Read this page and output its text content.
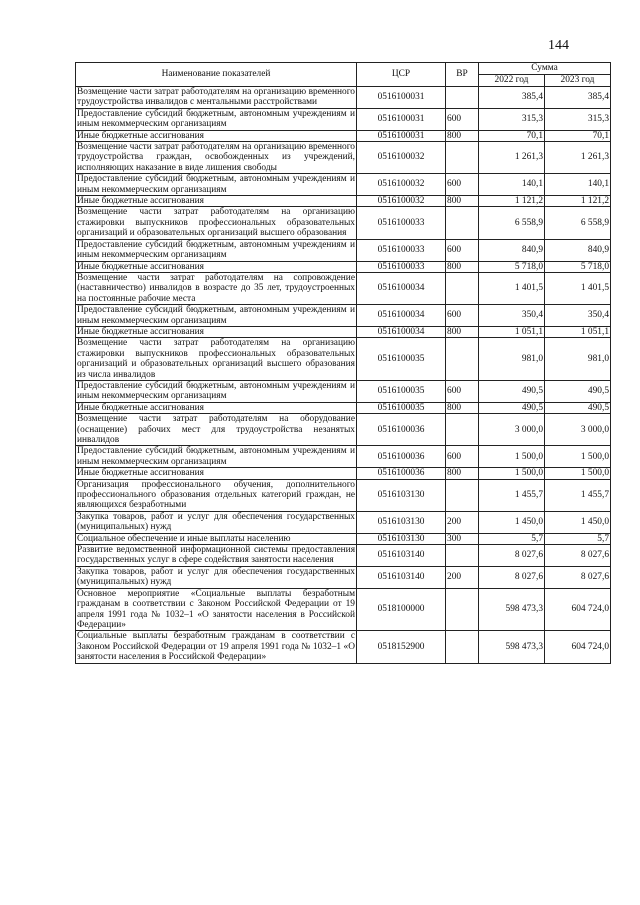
144
Наименование показателей	ЦСР	ВР	Сумма	
			2022 год	2023 год
Возмещение части затрат работодателям на организацию временного трудоустройства инвалидов с ментальными расстройствами	0516100031		385,4	385,4
Предоставление субсидий бюджетным, автономным учреждениям и иным некоммерческим организациям	0516100031	600	315,3	315,3
Иные бюджетные ассигнования	0516100031	800	70,1	70,1
Возмещение части затрат работодателям на организацию временного трудоустройства граждан, освобожденных из учреждений, исполняющих наказание в виде лишения свободы	0516100032		1 261,3	1 261,3
Предоставление субсидий бюджетным, автономным учреждениям и иным некоммерческим организациям	0516100032	600	140,1	140,1
Иные бюджетные ассигнования	0516100032	800	1 121,2	1 121,2
Возмещение части затрат работодателям на организацию стажировки выпускников профессиональных образовательных организаций и образовательных организаций высшего образования	0516100033		6 558,9	6 558,9
Предоставление субсидий бюджетным, автономным учреждениям и иным некоммерческим организациям	0516100033	600	840,9	840,9
Иные бюджетные ассигнования	0516100033	800	5 718,0	5 718,0
Возмещение части затрат работодателям на сопровождение (наставничество) инвалидов в возрасте до 35 лет, трудоустроенных на постоянные рабочие места	0516100034		1 401,5	1 401,5
Предоставление субсидий бюджетным, автономным учреждениям и иным некоммерческим организациям	0516100034	600	350,4	350,4
Иные бюджетные ассигнования	0516100034	800	1 051,1	1 051,1
Возмещение части затрат работодателям на организацию стажировки выпускников профессиональных образовательных организаций и образовательных организаций высшего образования из числа инвалидов	0516100035		981,0	981,0
Предоставление субсидий бюджетным, автономным учреждениям и иным некоммерческим организациям	0516100035	600	490,5	490,5
Иные бюджетные ассигнования	0516100035	800	490,5	490,5
Возмещение части затрат работодателям на оборудование (оснащение) рабочих мест для трудоустройства незанятых инвалидов	0516100036		3 000,0	3 000,0
Предоставление субсидий бюджетным, автономным учреждениям и иным некоммерческим организациям	0516100036	600	1 500,0	1 500,0
Иные бюджетные ассигнования	0516100036	800	1 500,0	1 500,0
Организация профессионального обучения, дополнительного профессионального образования отдельных категорий граждан, не являющихся безработными	0516103130		1 455,7	1 455,7
Закупка товаров, работ и услуг для обеспечения государственных (муниципальных) нужд	0516103130	200	1 450,0	1 450,0
Социальное обеспечение и иные выплаты населению	0516103130	300	5,7	5,7
Развитие ведомственной информационной системы предоставления государственных услуг в сфере содействия занятости населения	0516103140		8 027,6	8 027,6
Закупка товаров, работ и услуг для обеспечения государственных (муниципальных) нужд	0516103140	200	8 027,6	8 027,6
Основное мероприятие «Социальные выплаты безработным гражданам в соответствии с Законом Российской Федерации от 19 апреля 1991 года № 1032–1 «О занятости населения в Российской Федерации»	0518100000		598 473,3	604 724,0
Социальные выплаты безработным гражданам в соответствии с Законом Российской Федерации от 19 апреля 1991 года № 1032–1 «О занятости населения в Российской Федерации»	0518152900		598 473,3	604 724,0
